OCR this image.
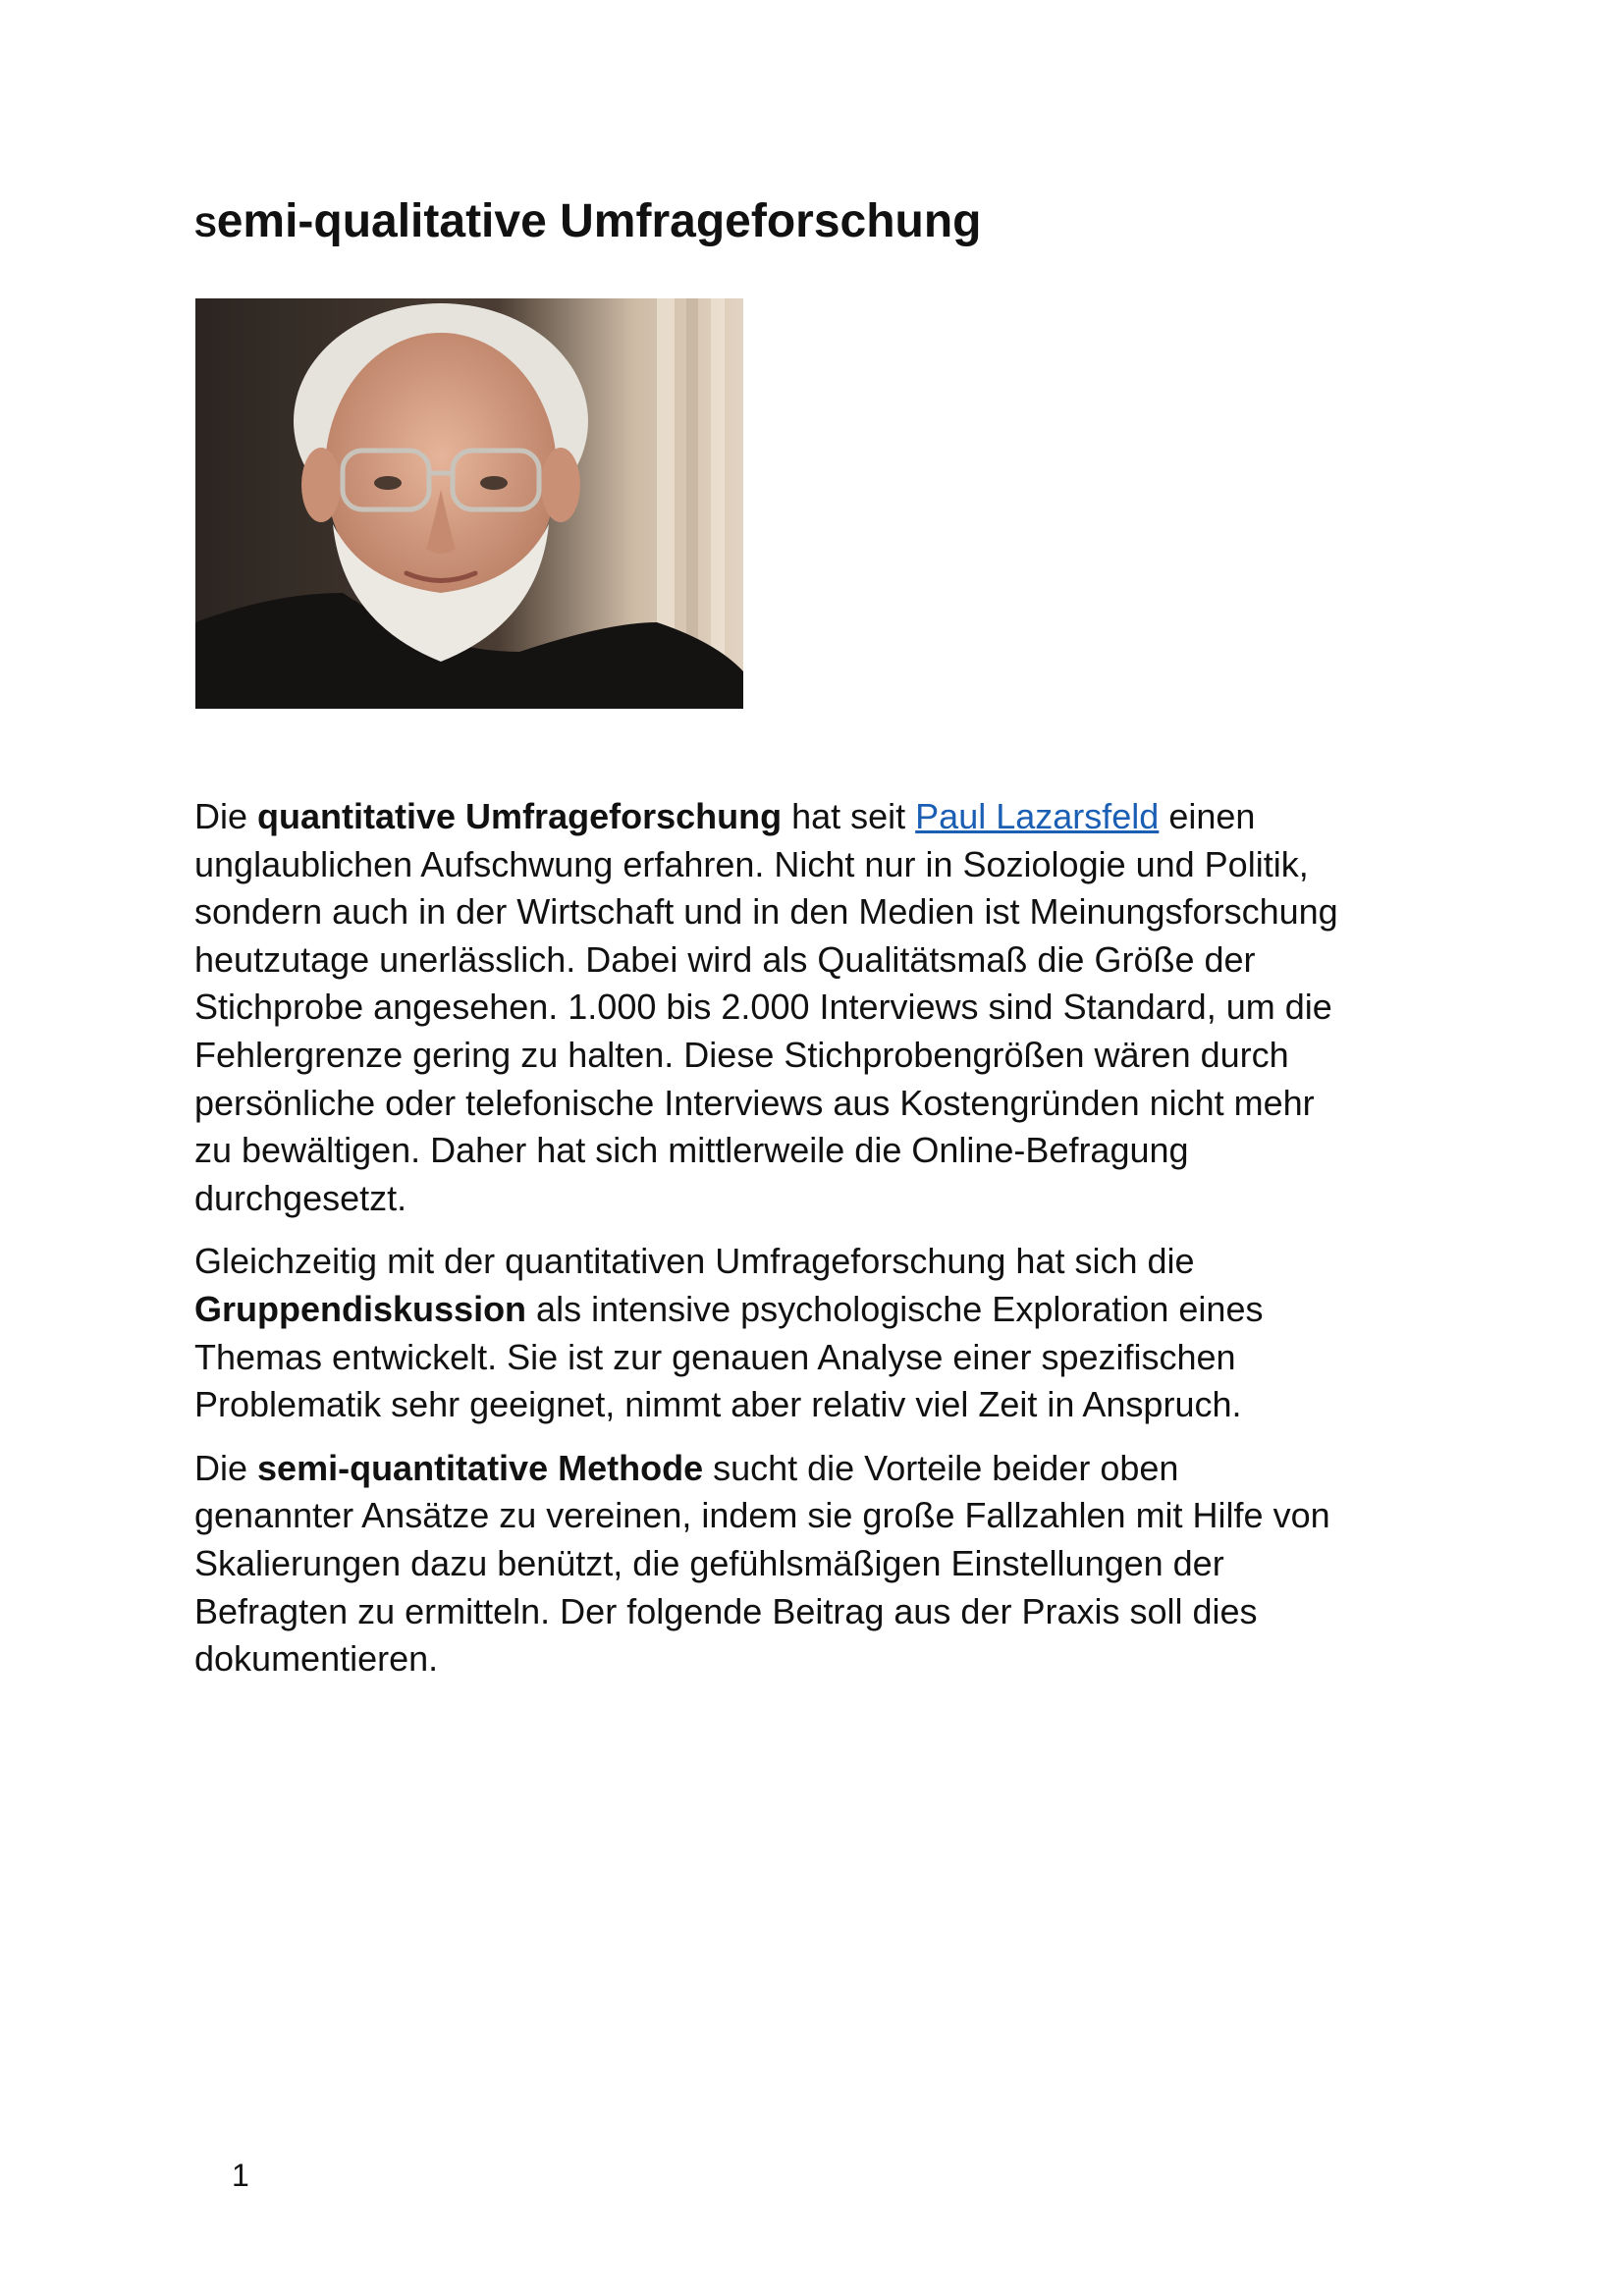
Semi-qualitative Umfrageforschung

Die quantitative Umfrageforschung hat seit Paul Lazarsfeld einen
unglaublichen Aufschwung erfahren. Nicht nur in Soziologie und Politik,
sondern auch in der Wirtschaft und in den Medien ist Meinungsforschung
heutzutage unerlässlich. Dabei wird als Qualitätsmaß die Größe der
Stichprobe angesehen. 1.000 bis 2.000 Interviews sind Standard, um die
Fehlergrenze gering zu halten. Diese Stichprobengrößen wären durch
persönliche oder telefonische Interviews aus Kostengründen nicht mehr
zu bewältigen. Daher hat sich mittlerweile die Online-Befragung
durchgesetzt.

Gleichzeitig mit der quantitativen Umfrageforschung hat sich die
Gruppendiskussion als intensive psychologische Exploration eines
Themas entwickelt. Sie ist zur genauen Analyse einer spezifischen
Problematik sehr geeignet, nimmt aber relativ viel Zeit in Anspruch.

Die semi-quantitative Methode sucht die Vorteile beider oben
genannter Ansätze zu vereinen, indem sie große Fallzahlen mit Hilfe von
Skalierungen dazu benützt, die gefühlsmäßigen Einstellungen der
Befragten zu ermitteln. Der folgende Beitrag aus der Praxis soll dies
dokumentieren.

1
